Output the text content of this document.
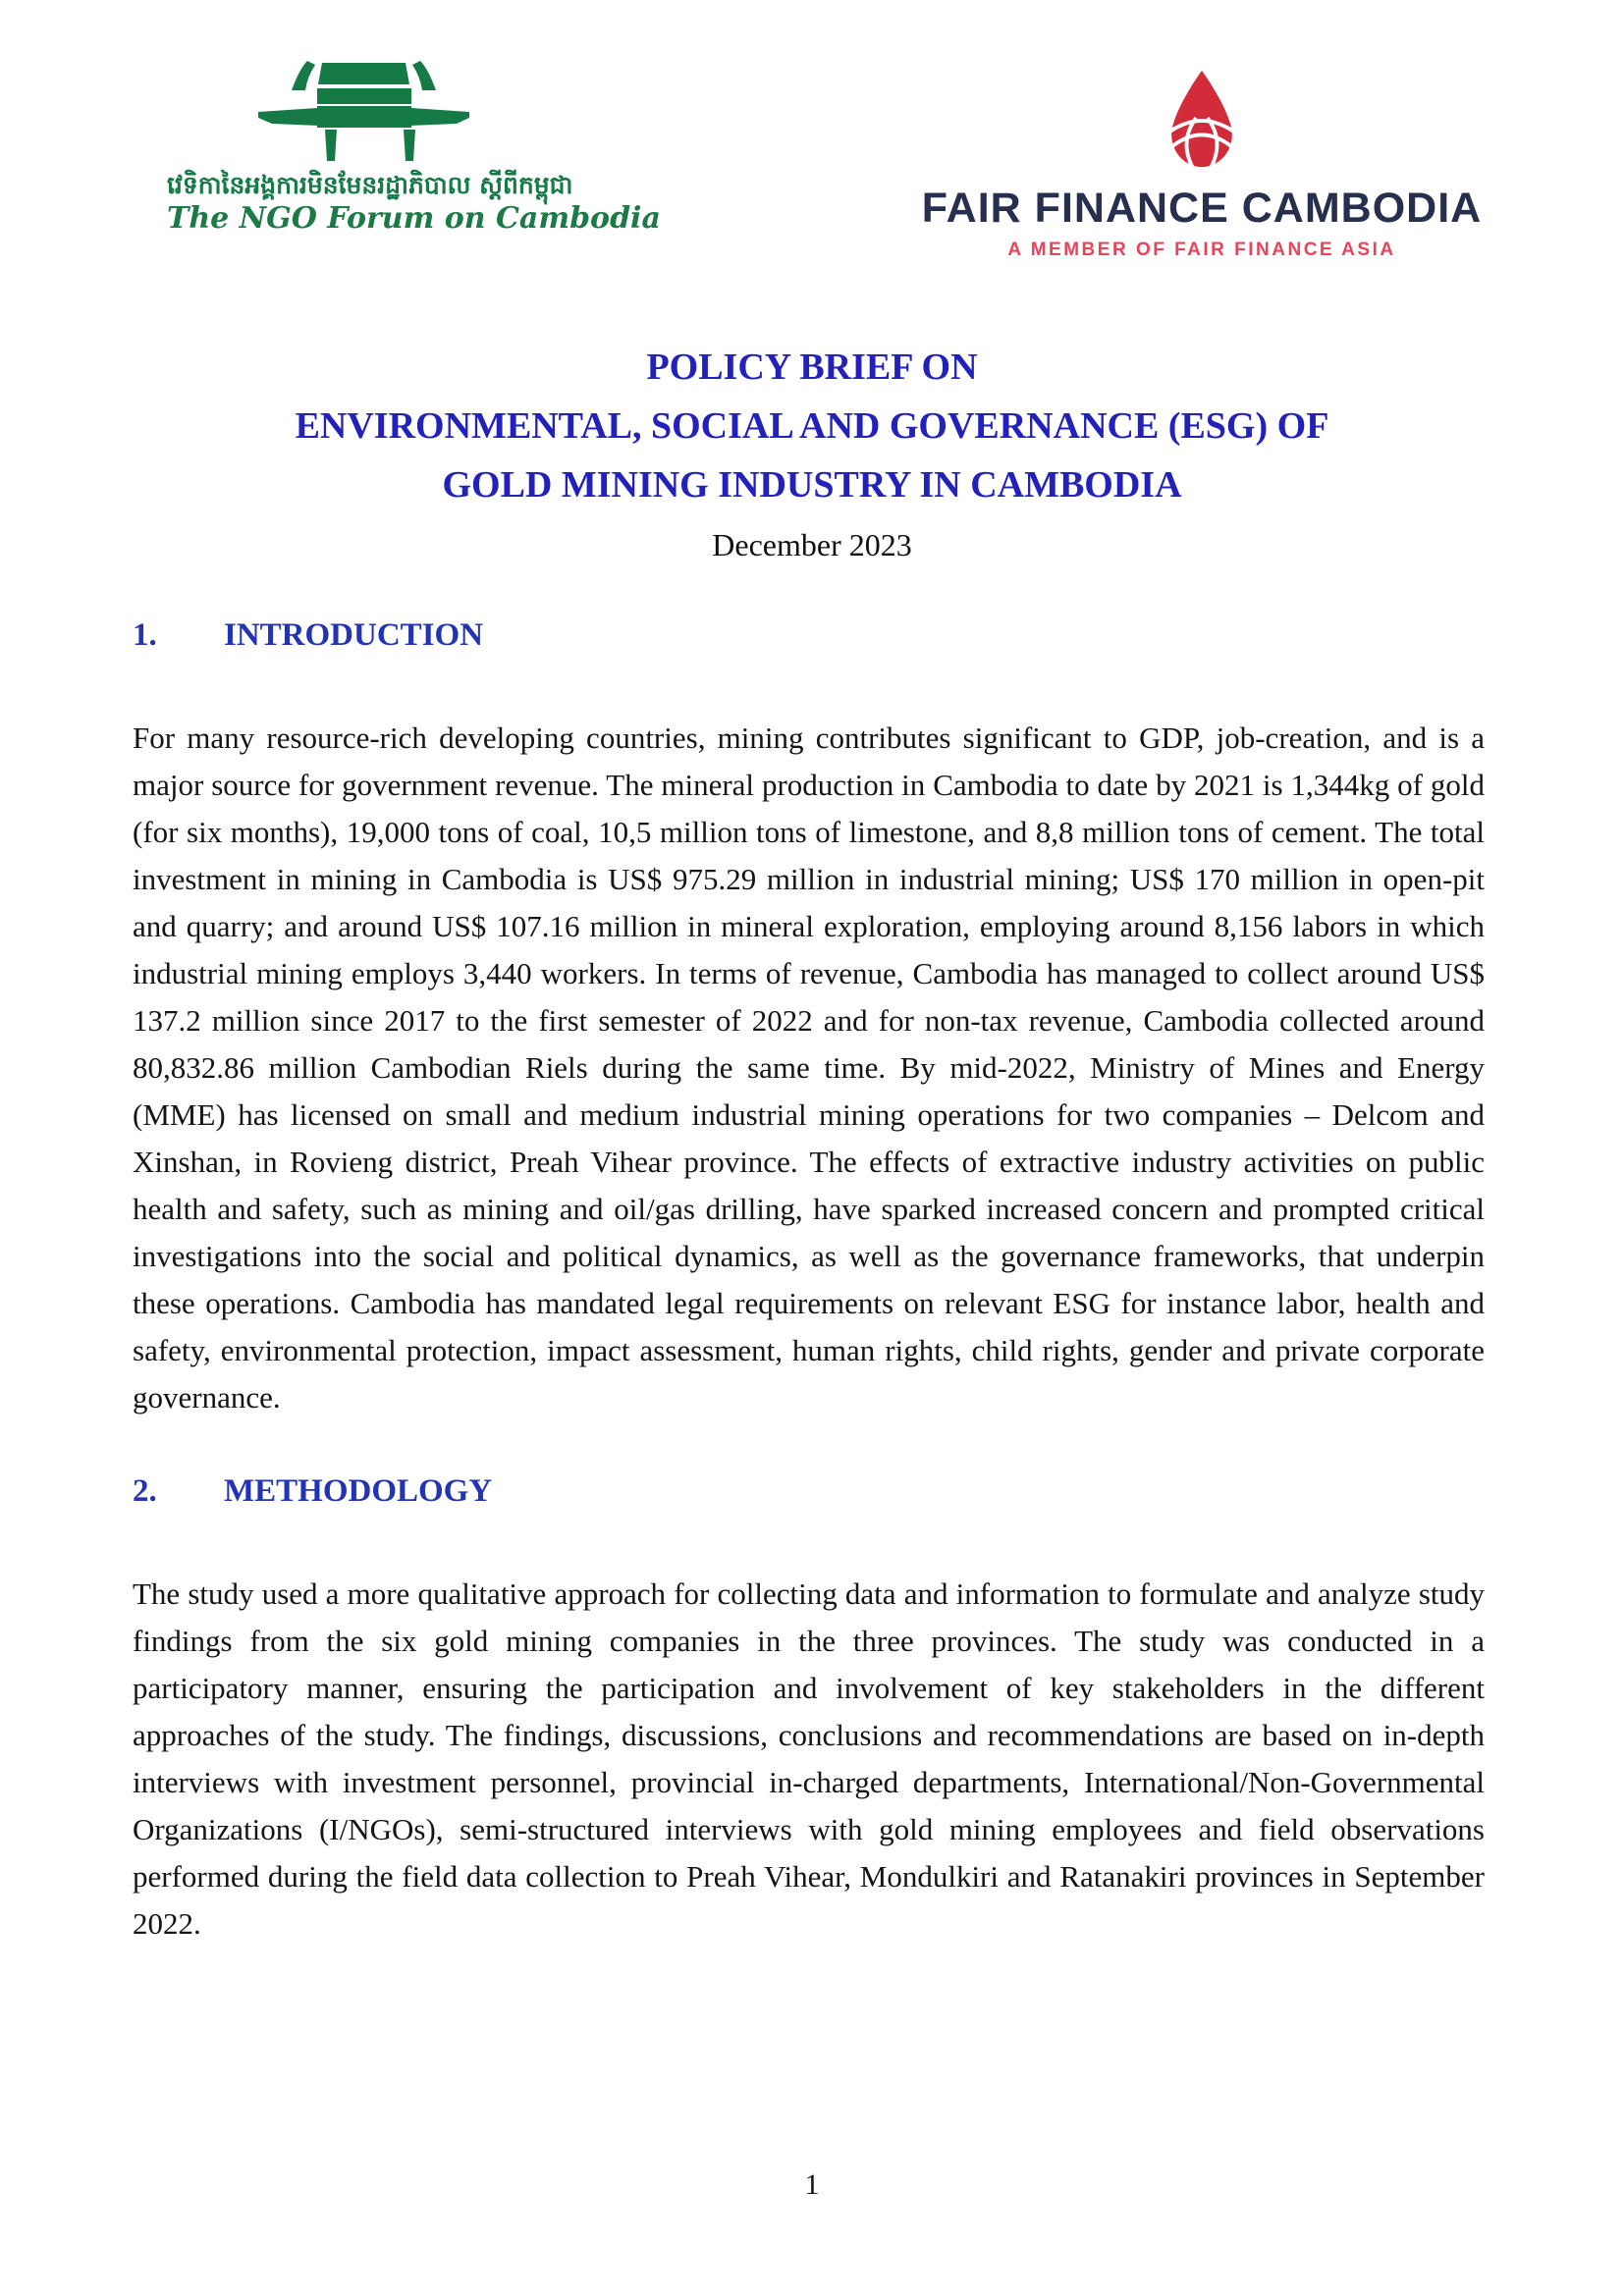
វេទិកានៃអង្គការមិនមែនរដ្ឋាភិបាល ស្តីពីកម្ពុជា
The NGO Forum on Cambodia	FAIR FINANCE CAMBODIA
A MEMBER OF FAIR FINANCE ASIA
POLICY BRIEF ON
ENVIRONMENTAL, SOCIAL AND GOVERNANCE (ESG) OF
GOLD MINING INDUSTRY IN CAMBODIA
December 2023
1. INTRODUCTION

For many resource-rich developing countries, mining contributes significant to GDP, job-creation, and is a major source for government revenue. The mineral production in Cambodia to date by 2021 is 1,344kg of gold (for six months), 19,000 tons of coal, 10,5 million tons of limestone, and 8,8 million tons of cement. The total investment in mining in Cambodia is US$ 975.29 million in industrial mining; US$ 170 million in open-pit and quarry; and around US$ 107.16 million in mineral exploration, employing around 8,156 labors in which industrial mining employs 3,440 workers. In terms of revenue, Cambodia has managed to collect around US$ 137.2 million since 2017 to the first semester of 2022 and for non-tax revenue, Cambodia collected around 80,832.86 million Cambodian Riels during the same time. By mid-2022, Ministry of Mines and Energy (MME) has licensed on small and medium industrial mining operations for two companies – Delcom and Xinshan, in Rovieng district, Preah Vihear province. The effects of extractive industry activities on public health and safety, such as mining and oil/gas drilling, have sparked increased concern and prompted critical investigations into the social and political dynamics, as well as the governance frameworks, that underpin these operations. Cambodia has mandated legal requirements on relevant ESG for instance labor, health and safety, environmental protection, impact assessment, human rights, child rights, gender and private corporate governance.

2. METHODOLOGY

The study used a more qualitative approach for collecting data and information to formulate and analyze study findings from the six gold mining companies in the three provinces. The study was conducted in a participatory manner, ensuring the participation and involvement of key stakeholders in the different approaches of the study. The findings, discussions, conclusions and recommendations are based on in-depth interviews with investment personnel, provincial in-charged departments, International/Non-Governmental Organizations (I/NGOs), semi-structured interviews with gold mining employees and field observations performed during the field data collection to Preah Vihear, Mondulkiri and Ratanakiri provinces in September 2022.

1
